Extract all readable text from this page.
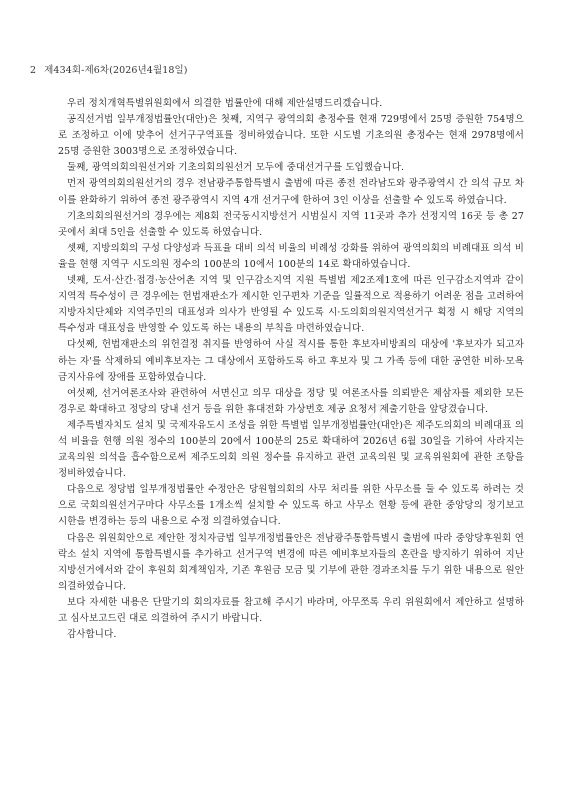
2 제434회-제6차(2026년4월18일)
☑

우리 정치개혁특별위원회에서 의결한 법률안에 대해 제안설명드리겠습니다.

공직선거법 일부개정법률안(대안)은 첫째, 지역구 광역의회 총정수를 현재 729명에서 25명 증원한 754명으로 조정하고 이에 맞추어 선거구구역표를 정비하였습니다. 또한 시도별 기초의원 총정수는 현재 2978명에서 25명 증원한 3003명으로 조정하였습니다.

둘째, 광역의회의원선거와 기초의회의원선거 모두에 중대선거구를 도입했습니다.

먼저 광역의회의원선거의 경우 전남광주통합특별시 출범에 따른 종전 전라남도와 광주광역시 간 의석 규모 차이를 완화하기 위하여 종전 광주광역시 지역 4개 선거구에 한하여 3인 이상을 선출할 수 있도록 하였습니다.

기초의회의원선거의 경우에는 제8회 전국동시지방선거 시범실시 지역 11곳과 추가 선정지역 16곳 등 총 27곳에서 최대 5인을 선출할 수 있도록 하였습니다.

셋째, 지방의회의 구성 다양성과 득표율 대비 의석 비율의 비례성 강화를 위하여 광역의회의 비례대표 의석 비율을 현행 지역구 시도의원 정수의 100분의 10에서 100분의 14로 확대하였습니다.

넷째, 도서·산간·접경·농산어촌 지역 및 인구감소지역 지원 특별법 제2조제1호에 따른 인구감소지역과 같이 지역적 특수성이 큰 경우에는 헌법재판소가 제시한 인구편차 기준을 일률적으로 적용하기 어려운 점을 고려하여 지방자치단체와 지역주민의 대표성과 의사가 반영될 수 있도록 시·도의회의원지역선거구 획정 시 해당 지역의 특수성과 대표성을 반영할 수 있도록 하는 내용의 부칙을 마련하였습니다.

다섯째, 헌법재판소의 위헌결정 취지를 반영하여 사실 적시를 통한 후보자비방죄의 대상에 '후보자가 되고자 하는 자'를 삭제하되 예비후보자는 그 대상에서 포함하도록 하고 후보자 및 그 가족 등에 대한 공연한 비하·모욕 금지사유에 장애를 포함하였습니다.

여섯째, 선거여론조사와 관련하여 서면신고 의무 대상을 정당 및 여론조사를 의뢰받은 제삼자를 제외한 모든 경우로 확대하고 정당의 당내 선거 등을 위한 휴대전화 가상번호 제공 요청서 제출기한을 앞당겼습니다.

제주특별자치도 설치 및 국제자유도시 조성을 위한 특별법 일부개정법률안(대안)은 제주도의회의 비례대표 의석 비율을 현행 의원 정수의 100분의 20에서 100분의 25로 확대하여 2026년 6월 30일을 기하여 사라지는 교육의원 의석을 흡수함으로써 제주도의회 의원 정수를 유지하고 관련 교육의원 및 교육위원회에 관한 조항을 정비하였습니다.

다음으로 정당법 일부개정법률안 수정안은 당원협의회의 사무 처리를 위한 사무소를 둘 수 있도록 하려는 것으로 국회의원선거구마다 사무소를 1개소씩 설치할 수 있도록 하고 사무소 현황 등에 관한 중앙당의 정기보고 시한을 변경하는 등의 내용으로 수정 의결하였습니다.

다음은 위원회안으로 제안한 정치자금법 일부개정법률안은 전남광주통합특별시 출범에 따라 중앙당후원회 연락소 설치 지역에 통합특별시를 추가하고 선거구역 변경에 따른 예비후보자들의 혼란을 방지하기 위하여 지난 지방선거에서와 같이 후원회 회계책임자, 기존 후원금 모금 및 기부에 관한 경과조치를 두기 위한 내용으로 원안 의결하였습니다.

보다 자세한 내용은 단말기의 회의자료를 참고해 주시기 바라며, 아무쪼록 우리 위원회에서 제안하고 설명하고 심사보고드린 대로 의결하여 주시기 바랍니다.

감사합니다.
